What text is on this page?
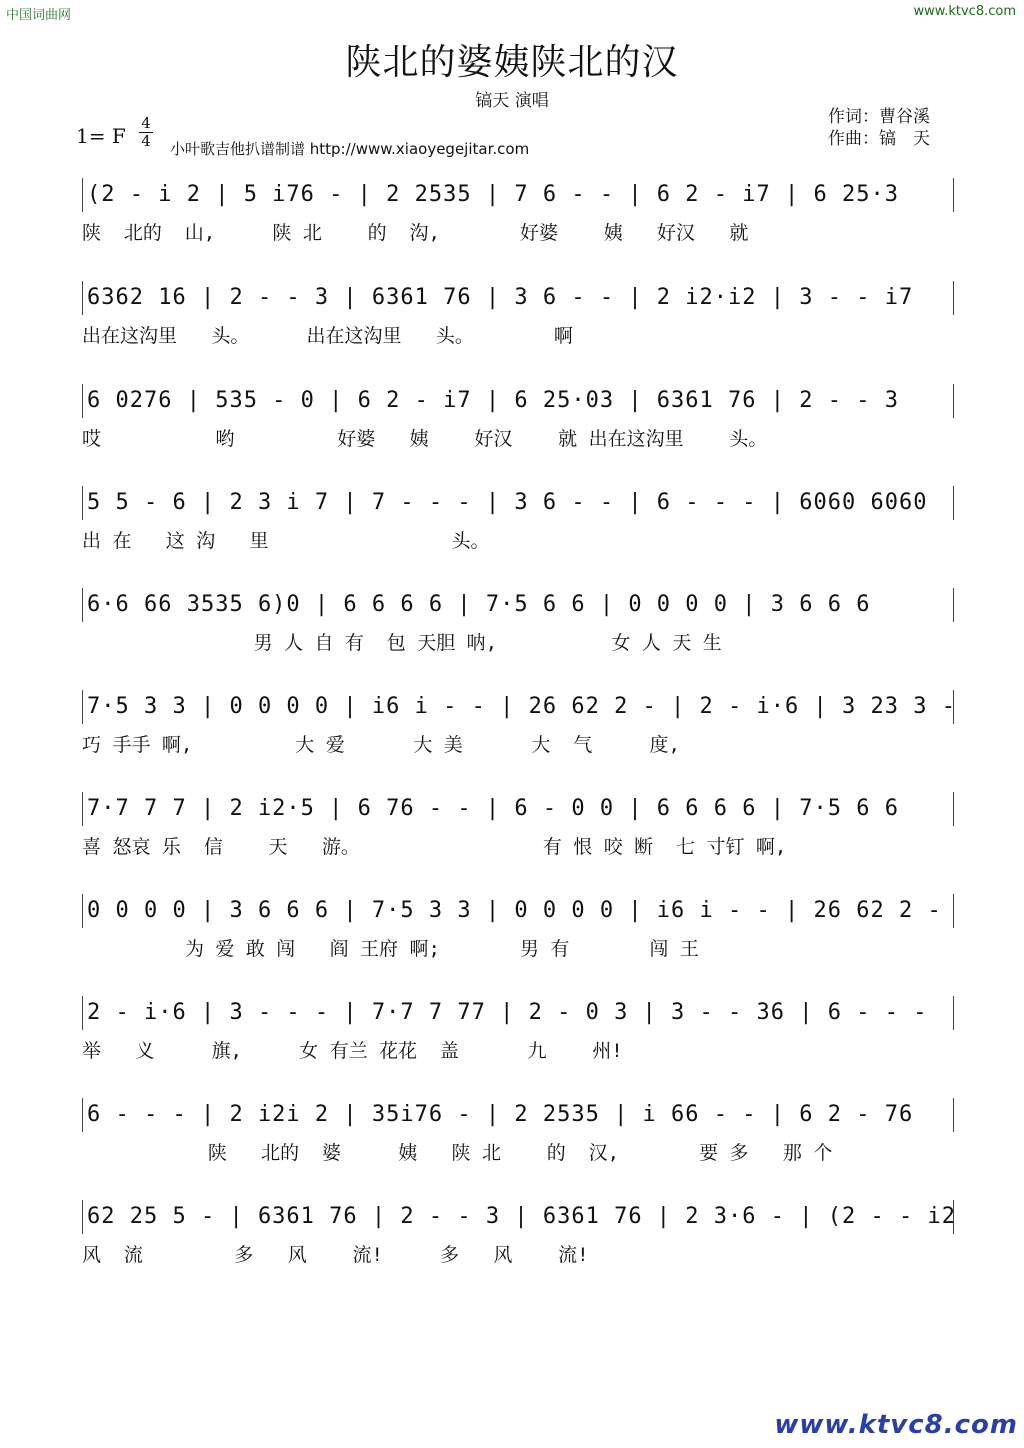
中国词曲网	www.ktvc8.com
陕北的婆姨陕北的汉
镐天 演唱
作词：曹谷溪
作曲：镐　天
1= F
4
4	小叶歌吉他扒谱制谱 http://www.xiaoyegejitar.com
(2 - i 2 | 5 i76 - | 2 2535 | 7 6 - - | 6 2 - i7 | 6 25·3
陕  北的  山,     陕 北    的  沟,       好婆    姨   好汉   就
6362 16 | 2 - - 3 | 6361 76 | 3 6 - - | 2 i2·i2 | 3 - - i7
出在这沟里   头。     出在这沟里   头。       啊
6 0276 | 535 - 0 | 6 2 - i7 | 6 25·03 | 6361 76 | 2 - - 3
哎          哟         好婆   姨    好汉    就 出在这沟里    头。
5 5 - 6 | 2 3 i 7 | 7 - - - | 3 6 - - | 6 - - - | 6060 6060
出 在   这 沟   里                头。
6·6 66 3535 6)0 | 6 6 6 6 | 7·5 6 6 | 0 0 0 0 | 3 6 6 6
男 人 自 有  包 天胆 呐,          女 人 天 生
7·5 3 3 | 0 0 0 0 | i6 i - - | 26 62 2 - | 2 - i·6 | 3 23 3 -
巧 手手 啊,         大 爱      大 美      大  气     度,
7·7 7 7 | 2 i2·5 | 6 76 - - | 6 - 0 0 | 6 6 6 6 | 7·5 6 6
喜 怒哀 乐  信    天   游。                有 恨 咬 断  七 寸钉 啊,
0 0 0 0 | 3 6 6 6 | 7·5 3 3 | 0 0 0 0 | i6 i - - | 26 62 2 -
为 爱 敢 闯   阎 王府 啊;       男 有       闯 王
2 - i·6 | 3 - - - | 7·7 7 77 | 2 - 0 3 | 3 - - 36 | 6 - - -
举   义     旗,     女 有兰 花花  盖      九    州!
6 - - - | 2 i2i 2 | 35i76 - | 2 2535 | i 66 - - | 6 2 - 76
陕   北的  婆     姨   陕 北    的  汉,       要 多   那 个
62 25 5 - | 6361 76 | 2 - - 3 | 6361 76 | 2 3·6 - | (2 - - i2
风  流        多   风    流!     多   风    流!
www.ktvc8.com
